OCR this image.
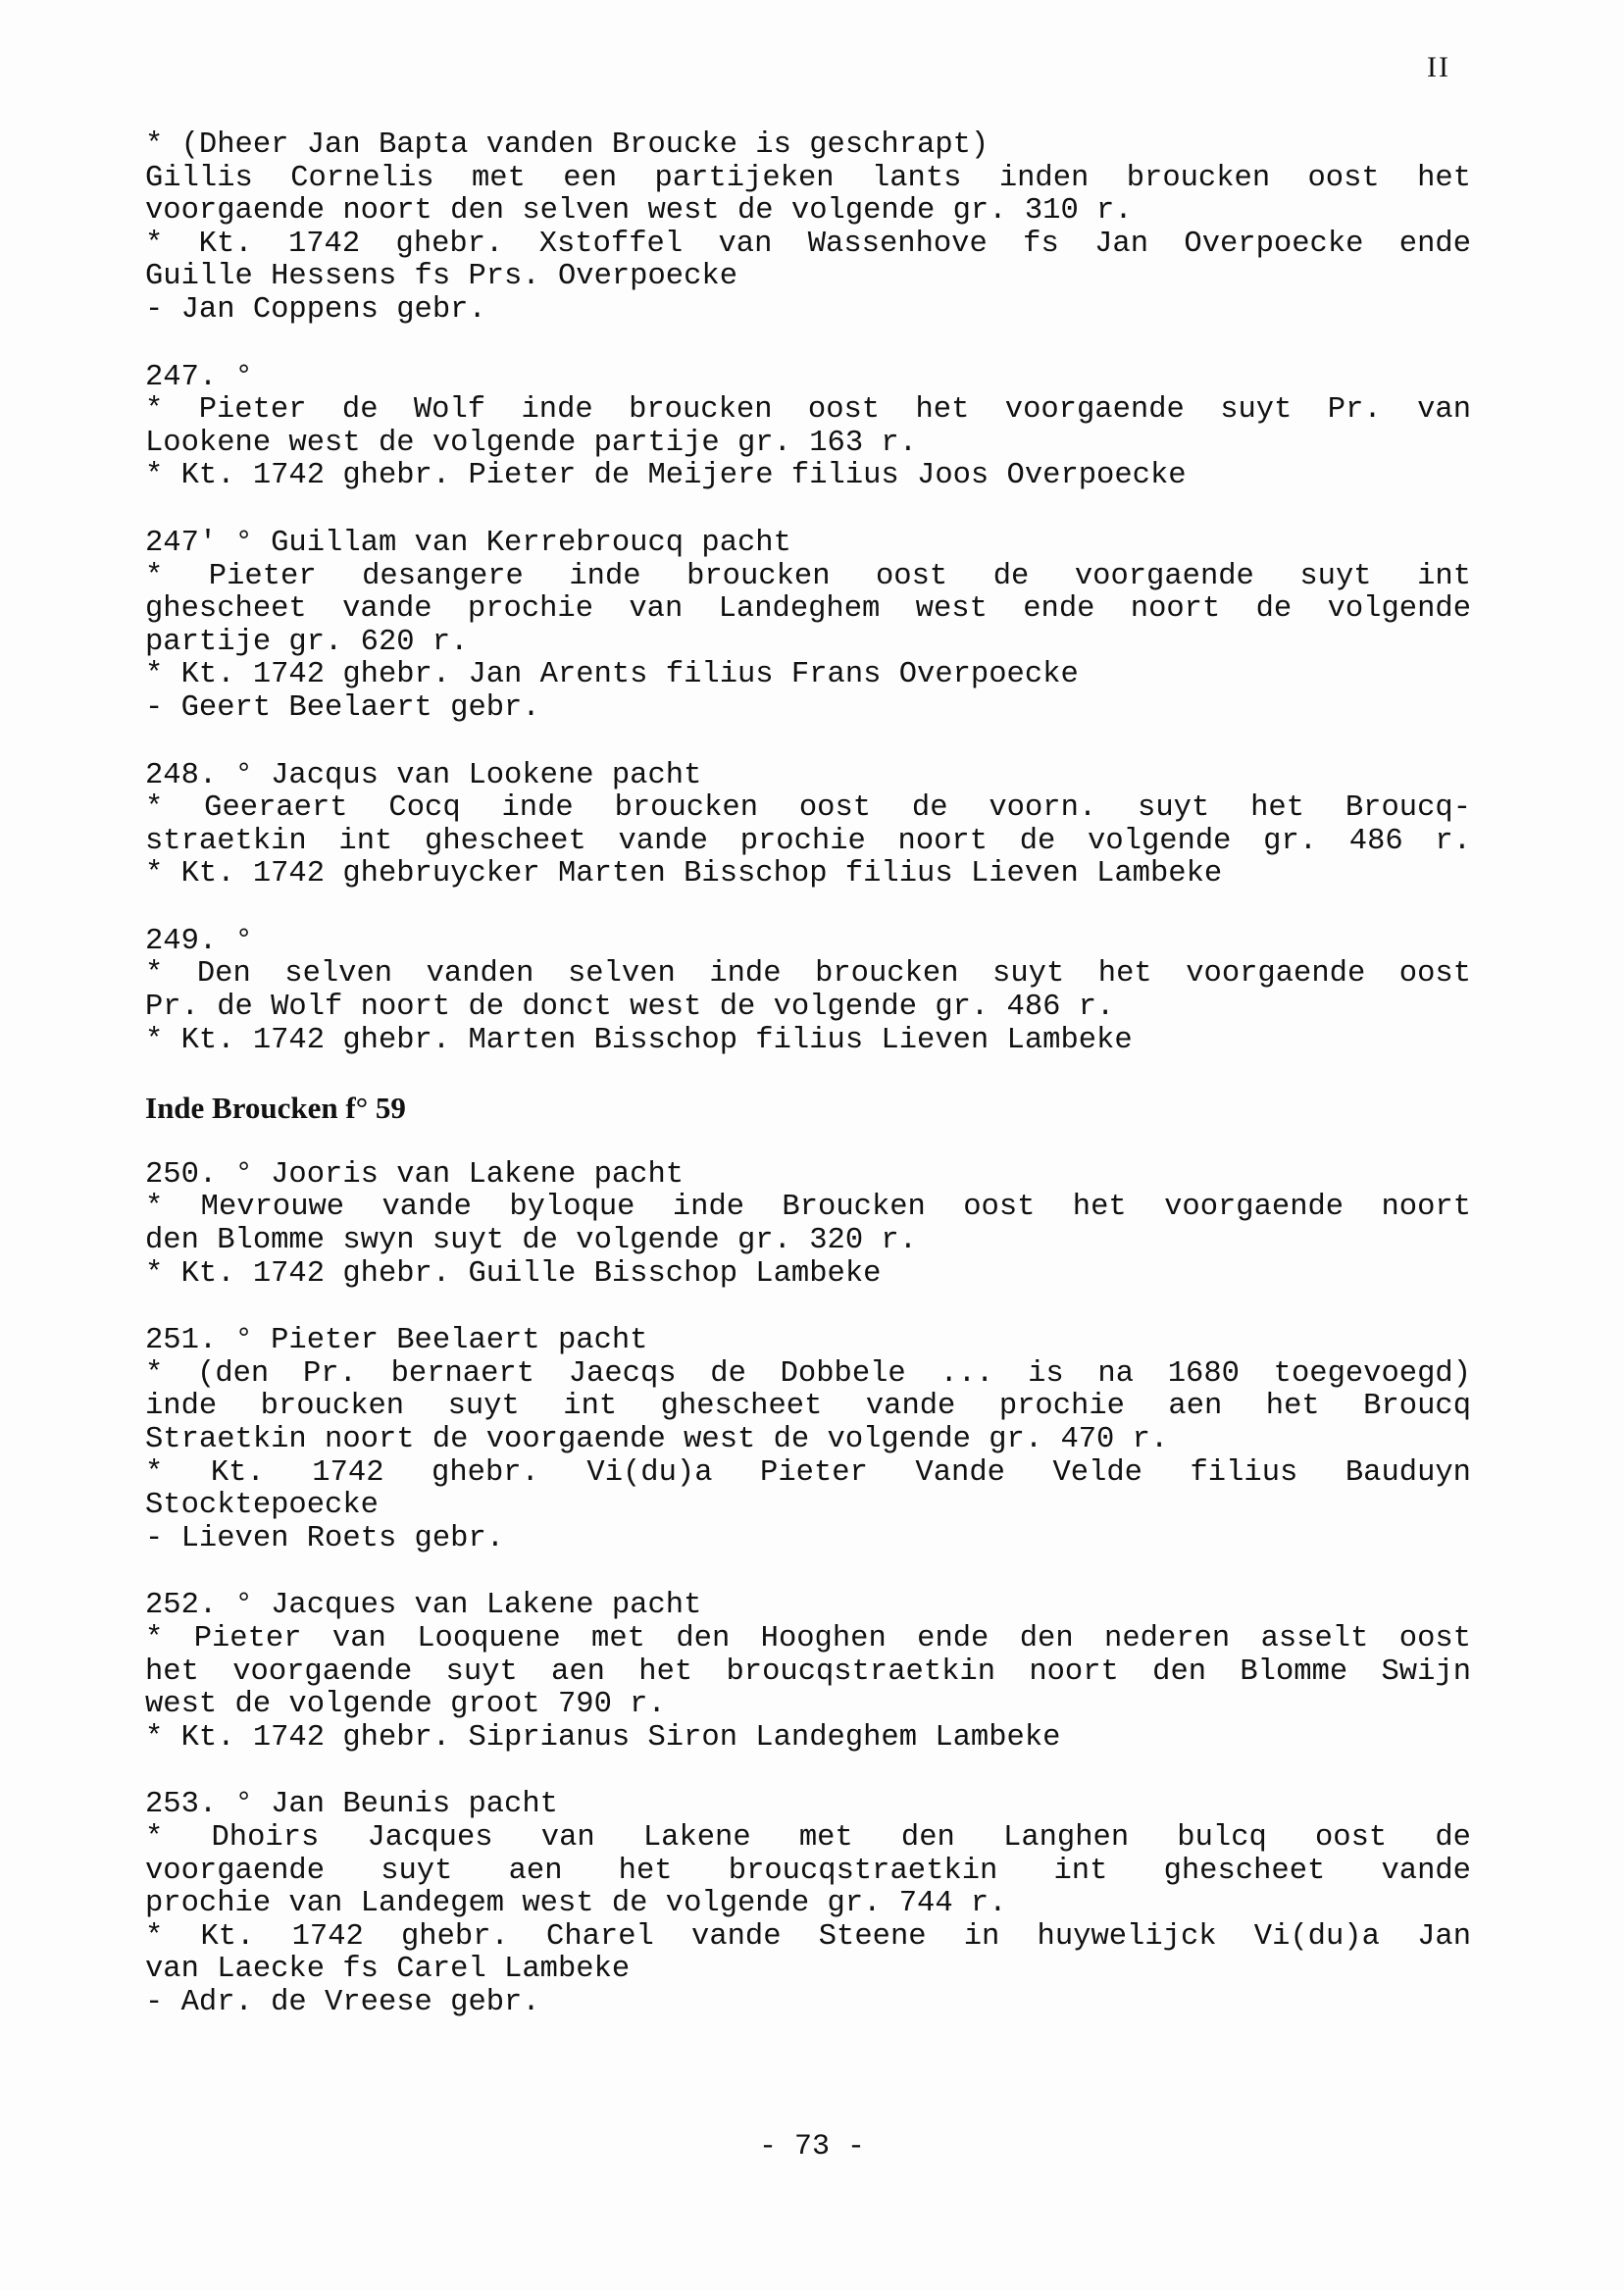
II
* (Dheer Jan Bapta vanden Broucke is geschrapt)
Gillis Cornelis met een partijeken lants inden broucken oost het
voorgaende noort den selven west de volgende gr. 310 r.
* Kt. 1742 ghebr. Xstoffel van Wassenhove fs Jan Overpoecke ende
Guille Hessens fs Prs. Overpoecke
- Jan Coppens gebr.
247. °
* Pieter de Wolf inde broucken oost het voorgaende suyt Pr. van
Lookene west de volgende partije gr. 163 r.
* Kt. 1742 ghebr. Pieter de Meijere filius Joos Overpoecke
247' ° Guillam van Kerrebroucq pacht
* Pieter desangere inde broucken oost de voorgaende suyt int
ghescheet vande prochie van Landeghem west ende noort de volgende
partije gr. 620 r.
* Kt. 1742 ghebr. Jan Arents filius Frans Overpoecke
- Geert Beelaert gebr.
248. ° Jacqus van Lookene pacht
* Geeraert Cocq inde broucken oost de voorn. suyt het Broucq-
straetkin int ghescheet vande prochie noort de volgende gr. 486 r.
* Kt. 1742 ghebruycker Marten Bisschop filius Lieven Lambeke
249. °
* Den selven vanden selven inde broucken suyt het voorgaende oost
Pr. de Wolf noort de donct west de volgende gr. 486 r.
* Kt. 1742 ghebr. Marten Bisschop filius Lieven Lambeke
Inde Broucken f° 59
250. ° Jooris van Lakene pacht
* Mevrouwe vande byloque inde Broucken oost het voorgaende noort
den Blomme swyn suyt de volgende gr. 320 r.
* Kt. 1742 ghebr. Guille Bisschop Lambeke
251. ° Pieter Beelaert pacht
* (den Pr. bernaert Jaecqs de Dobbele ... is na 1680 toegevoegd)
inde broucken suyt int ghescheet vande prochie aen het Broucq
Straetkin noort de voorgaende west de volgende gr. 470 r.
* Kt. 1742 ghebr. Vi(du)a Pieter Vande Velde filius Bauduyn
Stocktepoecke
- Lieven Roets gebr.
252. ° Jacques van Lakene pacht
* Pieter van Looquene met den Hooghen ende den nederen asselt oost
het voorgaende suyt aen het broucqstraetkin noort den Blomme Swijn
west de volgende groot 790 r.
* Kt. 1742 ghebr. Siprianus Siron Landeghem Lambeke
253. ° Jan Beunis pacht
* Dhoirs Jacques van Lakene met den Langhen bulcq oost de
voorgaende suyt aen het broucqstraetkin int ghescheet vande
prochie van Landegem west de volgende gr. 744 r.
* Kt. 1742 ghebr. Charel vande Steene in huywelijck Vi(du)a Jan
van Laecke fs Carel Lambeke
- Adr. de Vreese gebr.
- 73 -
